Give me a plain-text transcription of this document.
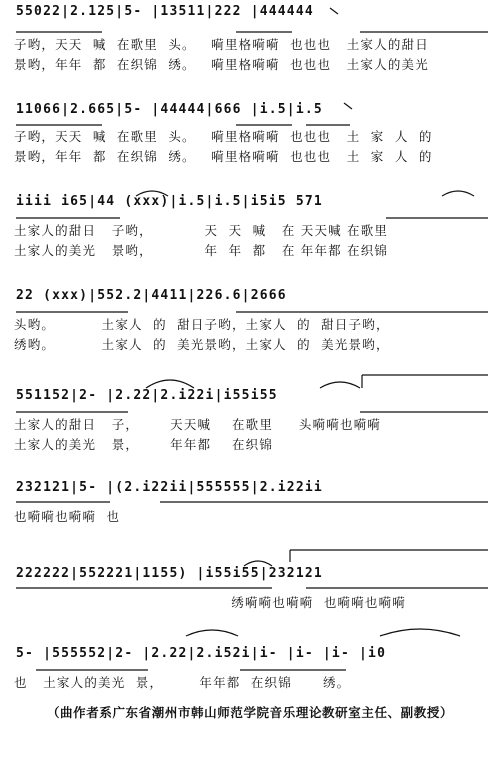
55022|2.125|5- |13511|222 |444444
子哟，天天  喊  在歌里  头。   嗬里格嗬嗬  也也也   土家人的甜日
景哟，年年  都  在织锦  绣。   嗬里格嗬嗬  也也也   土家人的美光
11066|2.665|5- |44444|666 |i.5|i.5
子哟，天天  喊  在歌里  头。   嗬里格嗬嗬  也也也   土  家  人  的
景哟，年年  都  在织锦  绣。   嗬里格嗬嗬  也也也   土  家  人  的
iiii i65|44 (xxx)|i.5|i.5|i5i5 571
土家人的甜日   子哟，          天  天  喊   在 天天喊 在歌里
土家人的美光   景哟，          年  年  都   在 年年都 在织锦
22 (xxx)|552.2|4411|226.6|2666
头哟。         土家人  的  甜日子哟，土家人  的  甜日子哟，
绣哟。         土家人  的  美光景哟，土家人  的  美光景哟，
551152|2- |2.22|2.i22i|i55i55
土家人的甜日   子，      天天喊    在歌里     头嗬嗬也嗬嗬
土家人的美光   景，      年年都    在织锦
232121|5- |(2.i22ii|555555|2.i22ii
也嗬嗬也嗬嗬  也
222222|552221|1155) |i55i55|232121
绣嗬嗬也嗬嗬  也嗬嗬也嗬嗬
5- |555552|2- |2.22|2.i52i|i- |i- |i- |i0
也   土家人的美光  景，       年年都  在织锦      绣。
（曲作者系广东省潮州市韩山师范学院音乐理论教研室主任、副教授）
